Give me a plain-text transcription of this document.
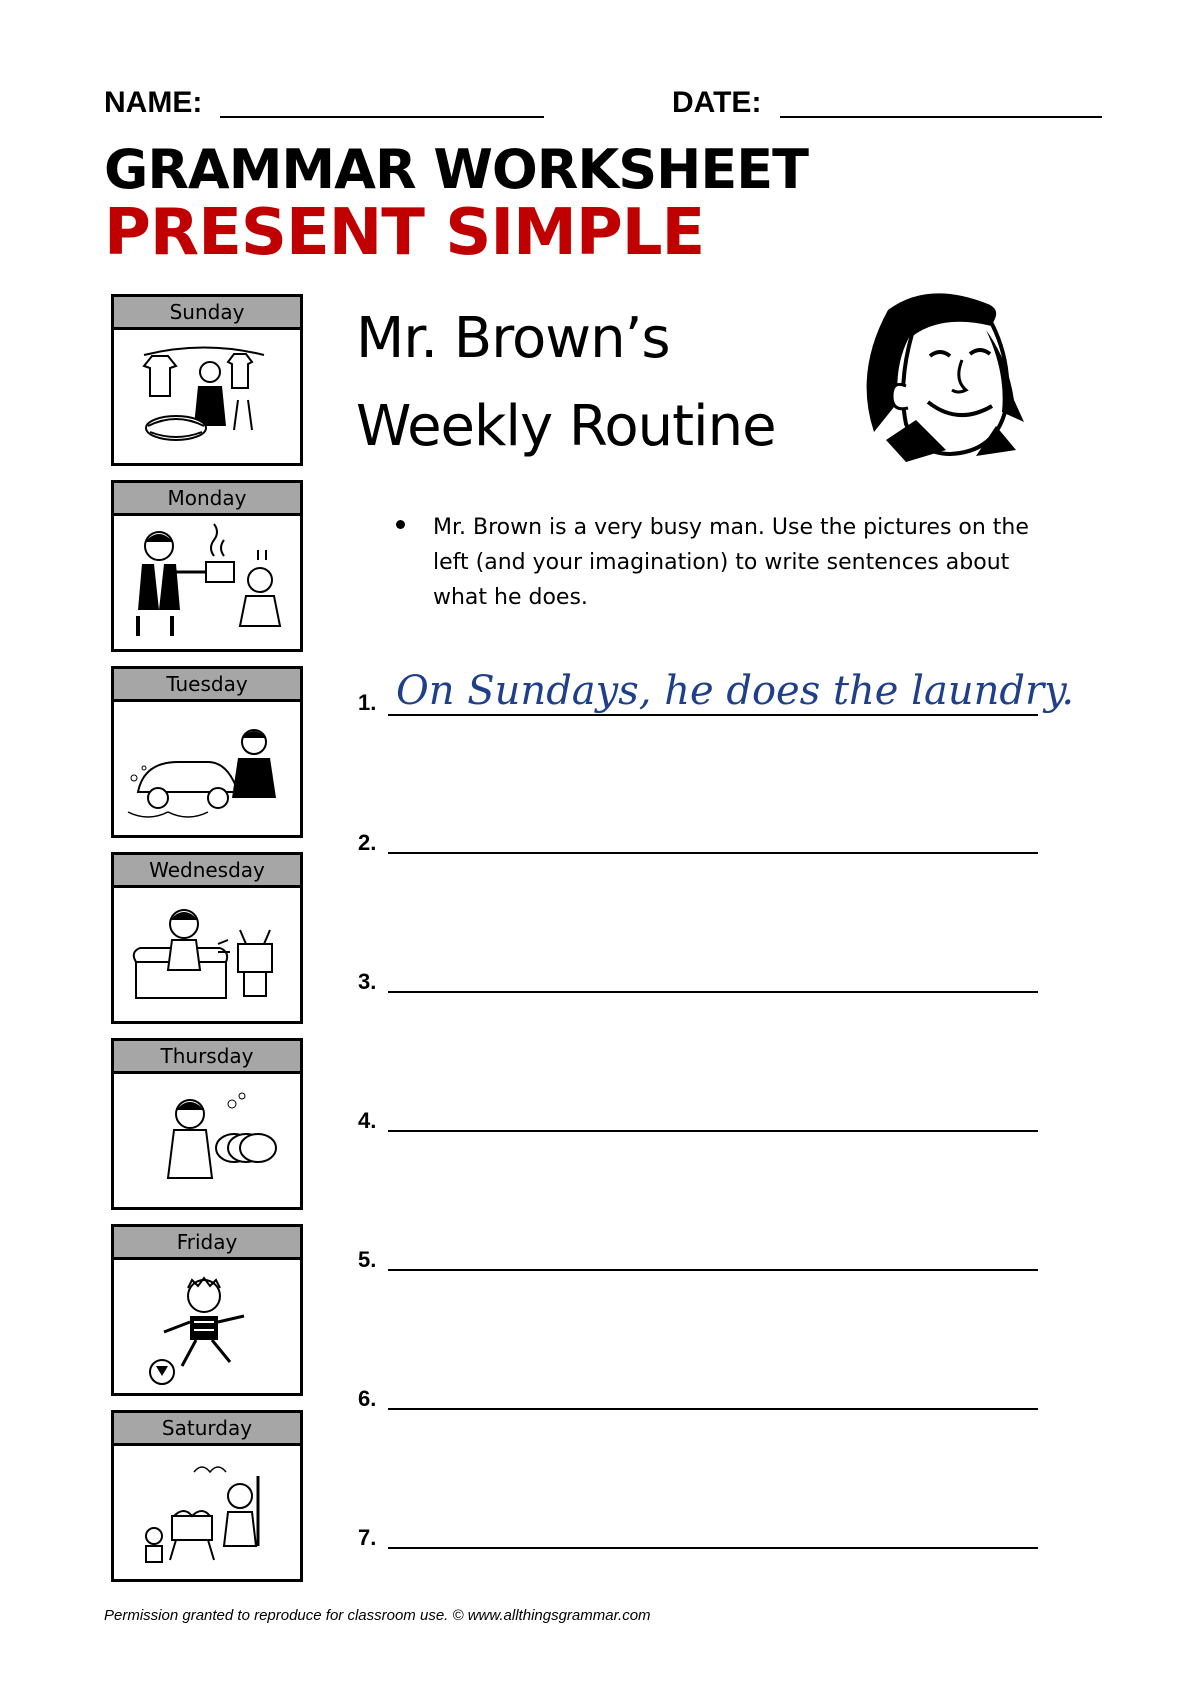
NAME:	DATE:
GRAMMAR WORKSHEET
PRESENT SIMPLE
Sunday
Monday
Tuesday
Wednesday
Thursday
Friday
Saturday
Mr. Brown’s
Weekly Routine
Mr. Brown is a very busy man. Use the pictures on the left (and your imagination) to write sentences about what he does.
1. On Sundays, he does the laundry.
2.
3.
4.
5.
6.
7.
Permission granted to reproduce for classroom use. © www.allthingsgrammar.com
